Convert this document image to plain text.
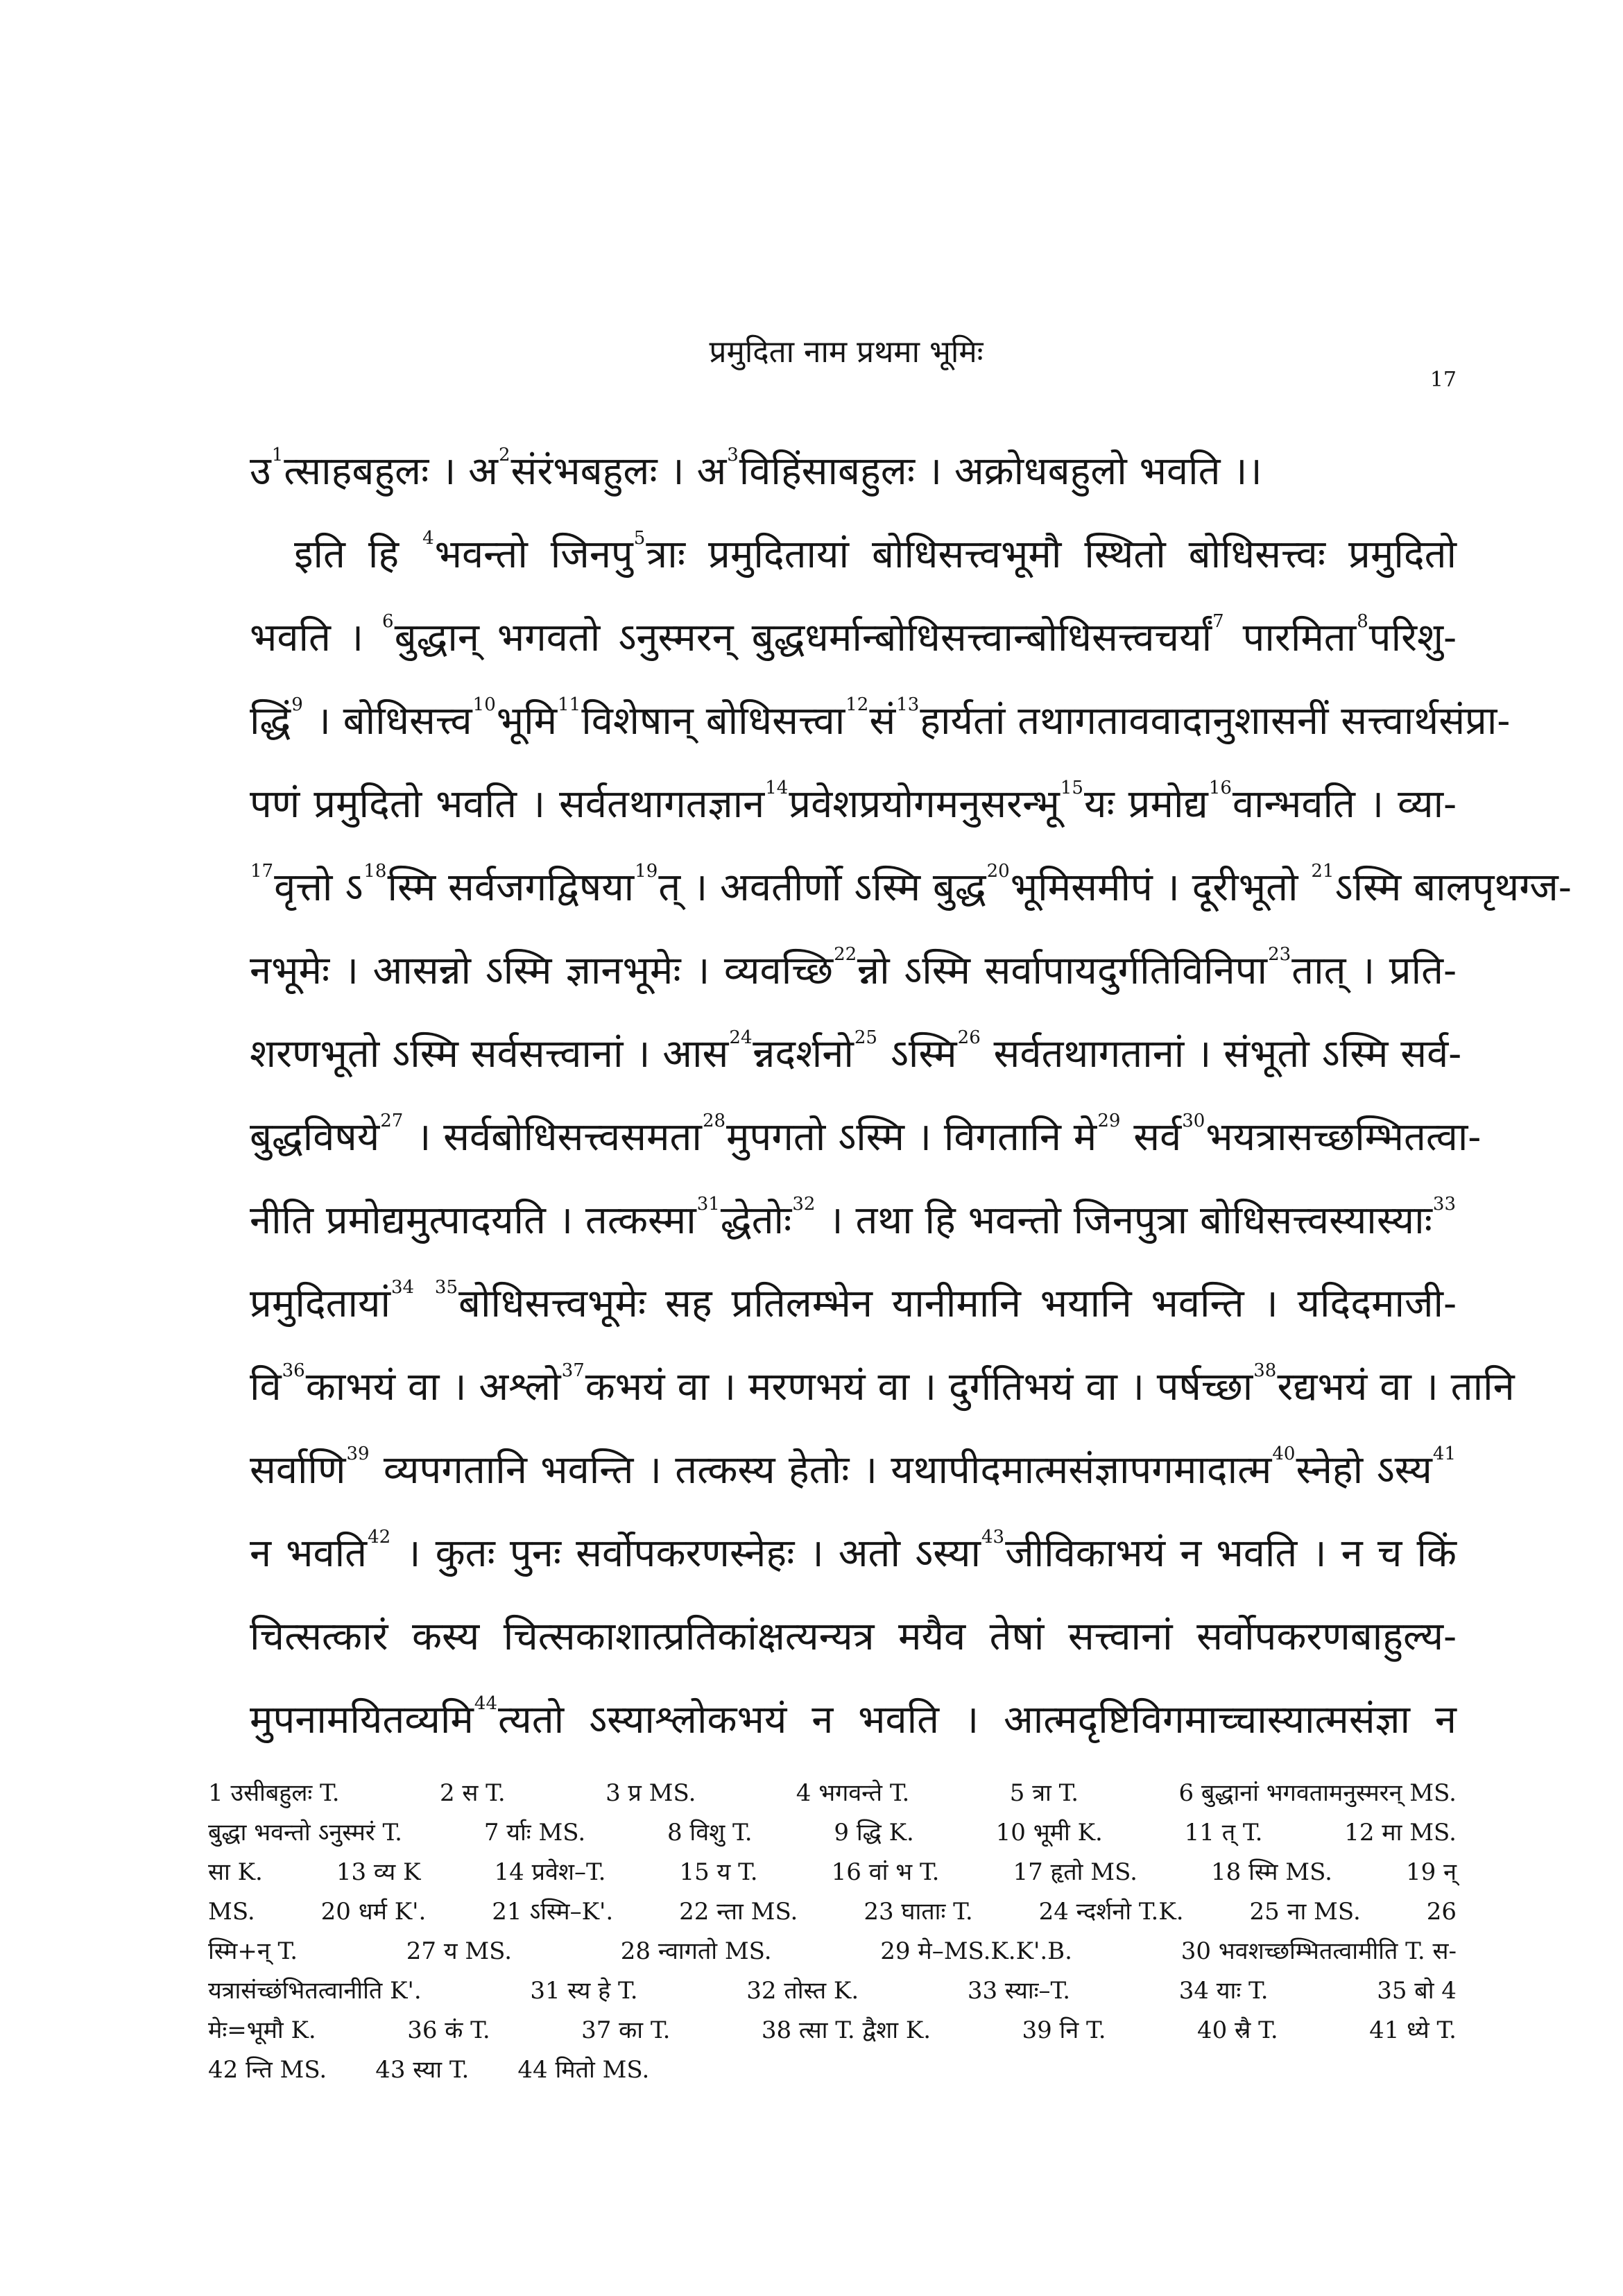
प्रमुदिता नाम प्रथमा भूमिः
17
उ$^1$त्साहबहुलः । अ$^2$संरंभबहुलः । अ$^3$विहिंसाबहुलः । अक्रोधबहुलो भवति ।।
इति हि $^4$भवन्तो जिनपु$^5$त्राः प्रमुदितायां बोधिसत्त्वभूमौ स्थितो बोधिसत्त्वः प्रमुदितो
भवति । $^6$बुद्धान् भगवतो ऽनुस्मरन् बुद्धधर्मान्बोधिसत्त्वान्बोधिसत्त्वचर्यां$^7$ पारमिता$^8$परिशु-
द्धिं$^9$ । बोधिसत्त्व$^{10}$भूमि$^{11}$विशेषान् बोधिसत्त्वा$^{12}$सं$^{13}$हार्यतां तथागताववादानुशासनीं सत्त्वार्थसंप्रा-
पणं प्रमुदितो भवति । सर्वतथागतज्ञान$^{14}$प्रवेशप्रयोगमनुसरन्भू$^{15}$यः प्रमोद्य$^{16}$वान्भवति । व्या-
$^{17}$वृत्तो ऽ$^{18}$स्मि सर्वजगद्विषया$^{19}$त् । अवतीर्णो ऽस्मि बुद्ध$^{20}$भूमिसमीपं । दूरीभूतो $^{21}$ऽस्मि बालपृथग्ज-
नभूमेः । आसन्नो ऽस्मि ज्ञानभूमेः । व्यवच्छि$^{22}$न्नो ऽस्मि सर्वापायदुर्गतिविनिपा$^{23}$तात् । प्रति-
शरणभूतो ऽस्मि सर्वसत्त्वानां । आस$^{24}$न्नदर्शनो$^{25}$ ऽस्मि$^{26}$ सर्वतथागतानां । संभूतो ऽस्मि सर्व-
बुद्धविषये$^{27}$ । सर्वबोधिसत्त्वसमता$^{28}$मुपगतो ऽस्मि । विगतानि मे$^{29}$ सर्व$^{30}$भयत्रासच्छम्भितत्वा-
नीति प्रमोद्यमुत्पादयति । तत्कस्मा$^{31}$द्धेतोः$^{32}$ । तथा हि भवन्तो जिनपुत्रा बोधिसत्त्वस्यास्याः$^{33}$
प्रमुदितायां$^{34}$ $^{35}$बोधिसत्त्वभूमेः सह प्रतिलम्भेन यानीमानि भयानि भवन्ति । यदिदमाजी-
वि$^{36}$काभयं वा । अश्लो$^{37}$कभयं वा । मरणभयं वा । दुर्गतिभयं वा । पर्षच्छा$^{38}$रद्यभयं वा । तानि
सर्वाणि$^{39}$ व्यपगतानि भवन्ति । तत्कस्य हेतोः । यथापीदमात्मसंज्ञापगमादात्म$^{40}$स्नेहो ऽस्य$^{41}$
न भवति$^{42}$ । कुतः पुनः सर्वोपकरणस्नेहः । अतो ऽस्या$^{43}$जीविकाभयं न भवति । न च किं
चित्सत्कारं कस्य चित्सकाशात्प्रतिकांक्षत्यन्यत्र मयैव तेषां सत्त्वानां सर्वोपकरणबाहुल्य-
मुपनामयितव्यमि$^{44}$त्यतो ऽस्याश्लोकभयं न भवति । आत्मदृष्टिविगमाच्चास्यात्मसंज्ञा न
1 उसीबहुलः T.	2 स T.	3 प्र MS.	4 भगवन्ते T.	5 त्रा T.	6 बुद्धानां भगवतामनुस्मरन् MS.
बुद्धा भवन्तो ऽनुस्मरं T.	7 र्याः MS.	8 विशु T.	9 द्धि K.	10 भूमी K.	11 त् T.	12 मा MS.
सा K.	13 व्य K	14 प्रवेश–T.	15 य T.	16 वां भ T.	17 हृतो MS.	18 स्मि MS.	19 न्
MS.	20 धर्म K'.	21 ऽस्मि–K'.	22 न्ता MS.	23 घाताः T.	24 न्दर्शनो T.K.	25 ना MS.	26
स्मि+न् T.	27 य MS.	28 न्वागतो MS.	29 मे–MS.K.K'.B.	30 भवशच्छम्भितत्वामीति T. स-
यत्रासंच्छंभितत्वानीति K'.	31 स्य हे T.	32 तोस्त K.	33 स्याः–T.	34 याः T.	35 बो 4
मेः=भूमौ K.	36 कं T.	37 का T.	38 त्सा T. द्वैशा K.	39 नि T.	40 स्रै T.	41 ध्ये T.
42 न्ति MS. 43 स्या T. 44 मितो MS.
